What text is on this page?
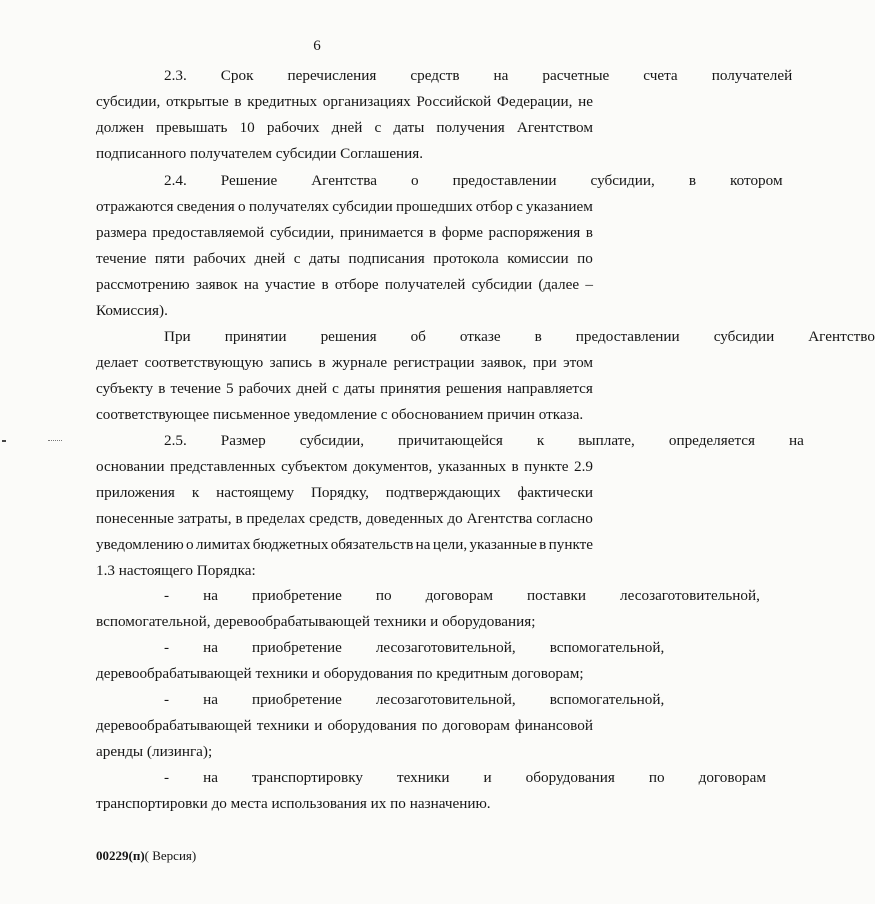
6
2.3.	Срок	перечисления	средств	на	расчетные	счета	получателей
субсидии, открытые в кредитных организациях Российской Федерации, не
должен превышать 10 рабочих дней с даты получения Агентством
подписанного получателем субсидии Соглашения.
2.4.	Решение	Агентства	о	предоставлении	субсидии,	в	котором
отражаются сведения о получателях субсидии прошедших отбор с указанием
размера предоставляемой субсидии, принимается в форме распоряжения в
течение пяти рабочих дней с даты подписания протокола комиссии по
рассмотрению заявок на участие в отборе получателей субсидии (далее –
Комиссия).
При	принятии	решения	об	отказе	в	предоставлении	субсидии	Агентство
делает соответствующую запись в журнале регистрации заявок, при этом
субъекту в течение 5 рабочих дней с даты принятия решения направляется
соответствующее письменное уведомление с обоснованием причин отказа.
2.5.	Размер	субсидии,	причитающейся	к	выплате,	определяется	на
основании представленных субъектом документов, указанных в пункте 2.9
приложения к настоящему Порядку, подтверждающих фактически
понесенные затраты, в пределах средств, доведенных до Агентства согласно
уведомлению о лимитах бюджетных обязательств на цели, указанные в пункте
1.3 настоящего Порядка:
-	на	приобретение	по	договорам	поставки	лесозаготовительной,
вспомогательной, деревообрабатывающей техники и оборудования;
-	на	приобретение	лесозаготовительной,	вспомогательной,
деревообрабатывающей техники и оборудования по кредитным договорам;
-	на	приобретение	лесозаготовительной,	вспомогательной,
деревообрабатывающей техники и оборудования по договорам финансовой
аренды (лизинга);
-	на	транспортировку	техники	и	оборудования	по	договорам
транспортировки до места использования их по назначению.
00229(п)( Версия)
